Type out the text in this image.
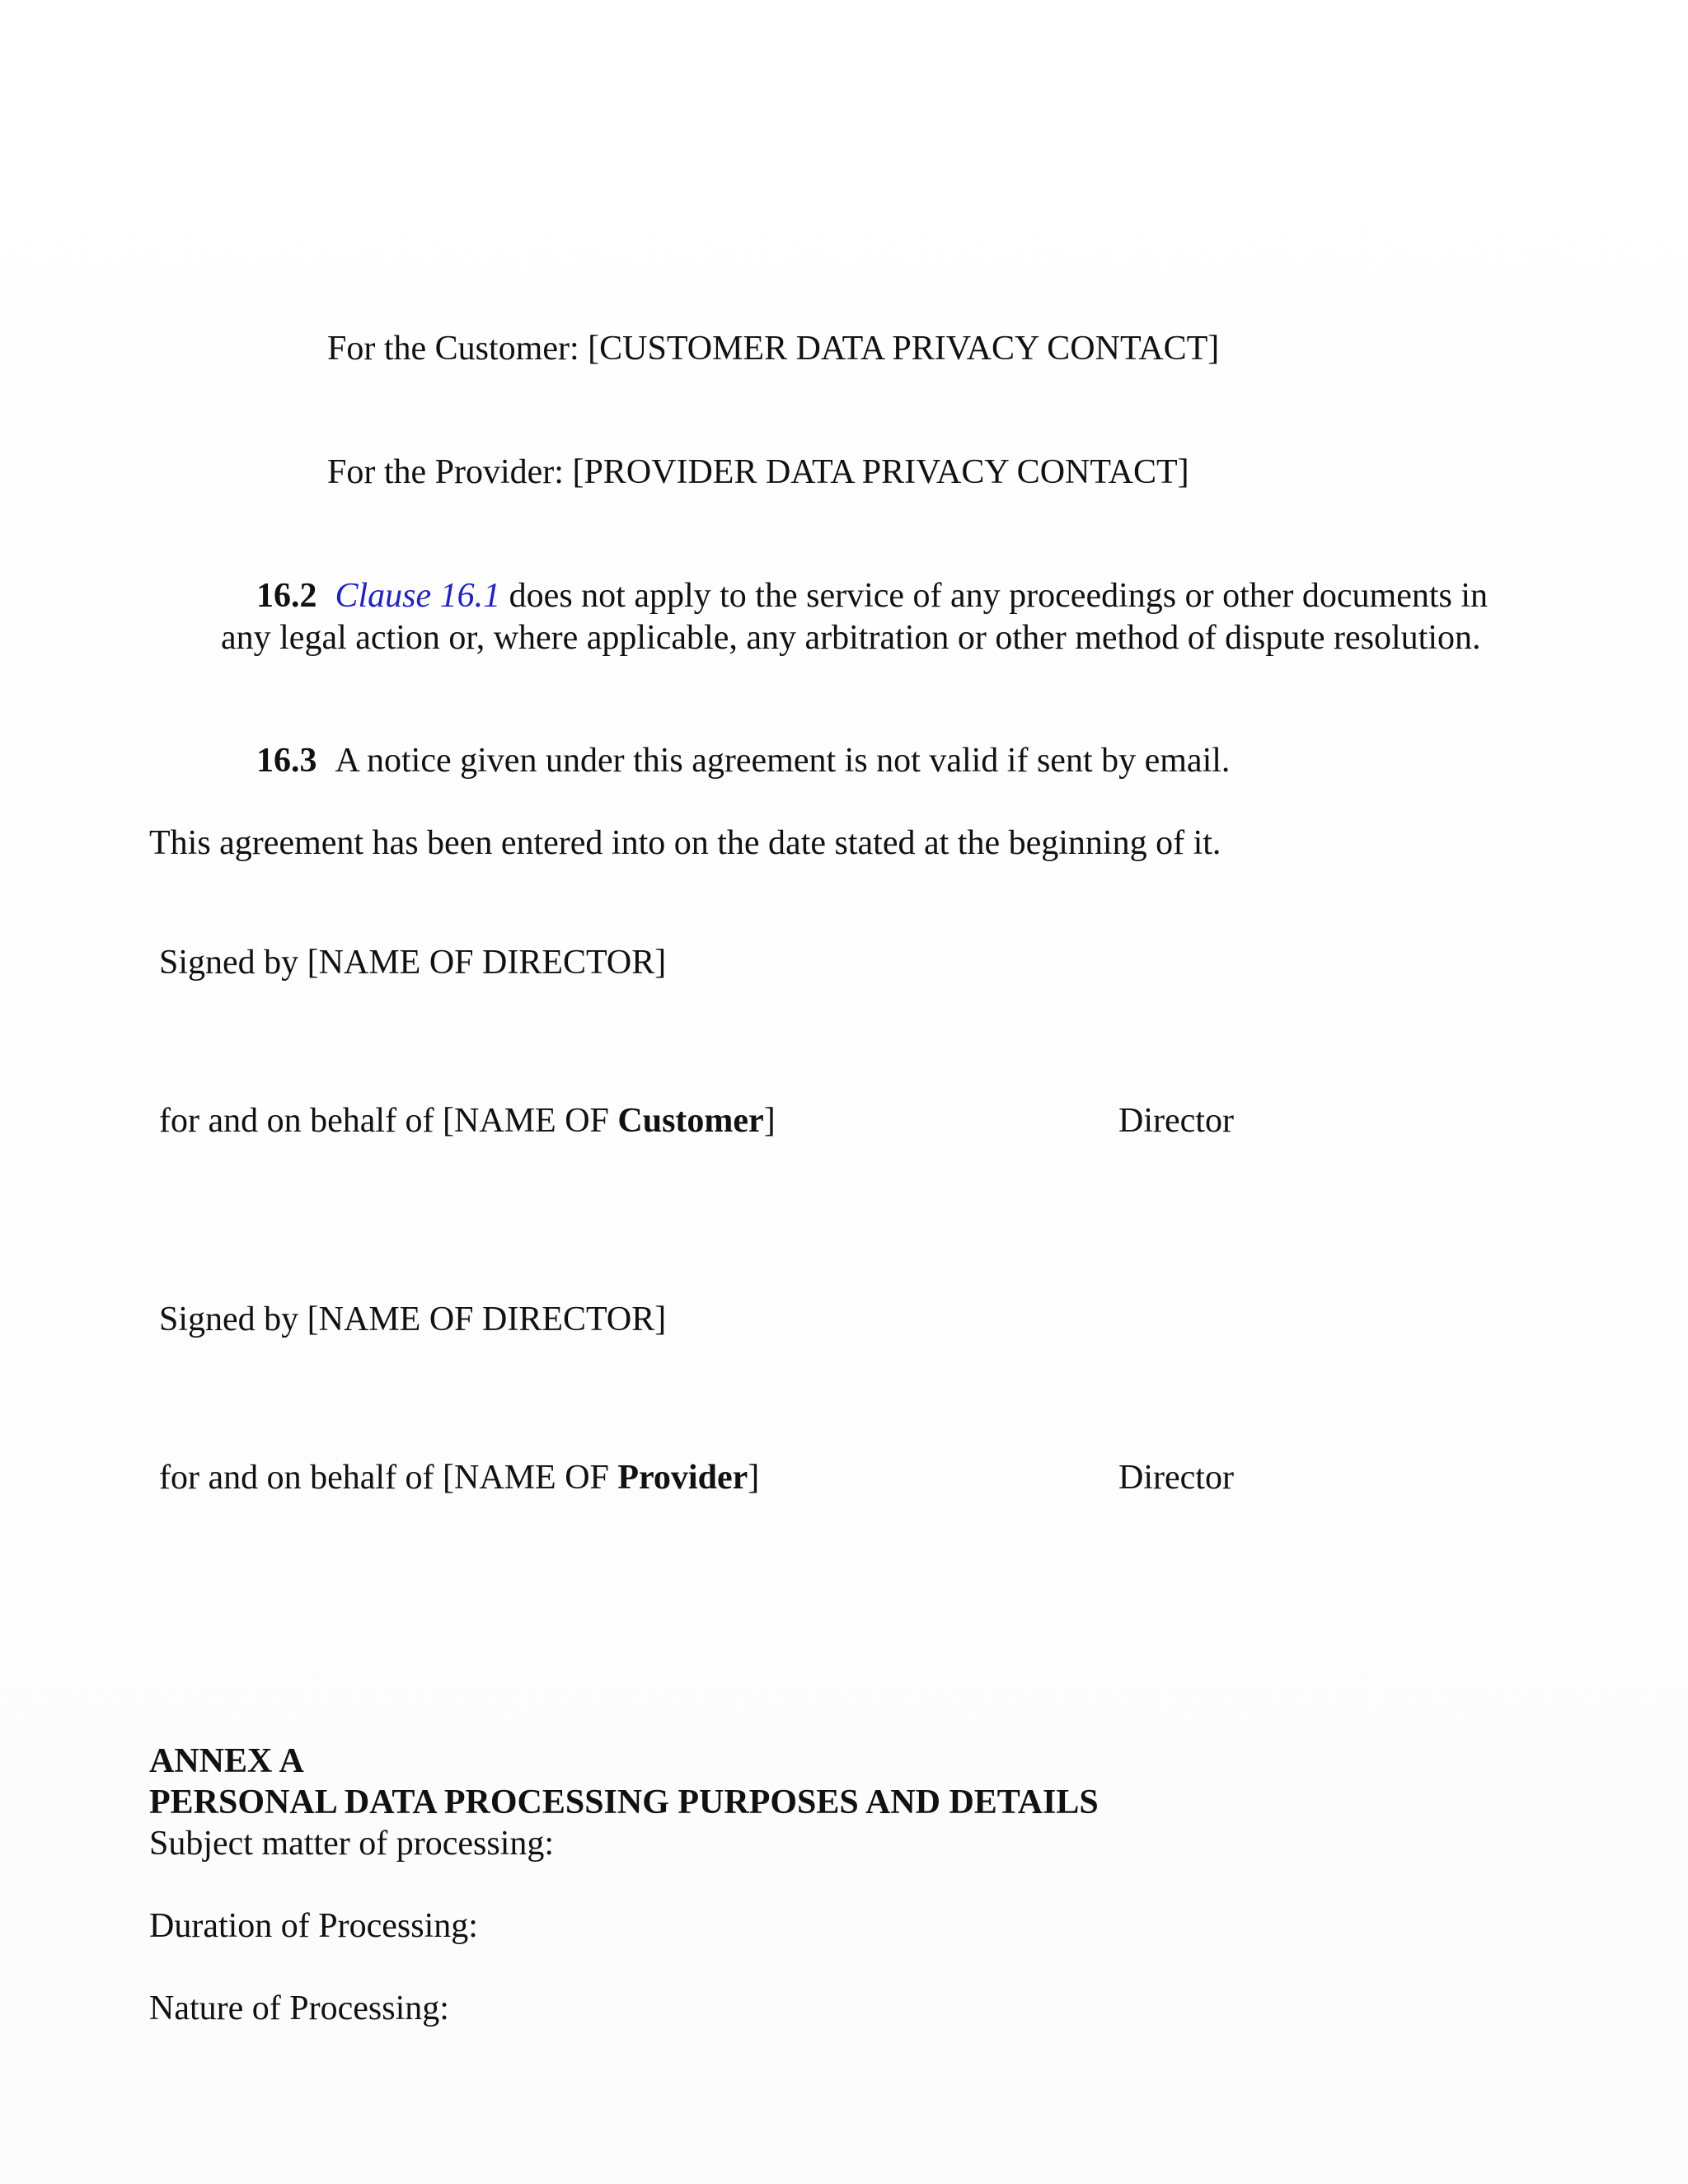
For the Customer: [CUSTOMER DATA PRIVACY CONTACT]
For the Provider: [PROVIDER DATA PRIVACY CONTACT]
16.2 Clause 16.1 does not apply to the service of any proceedings or other documents in
any legal action or, where applicable, any arbitration or other method of dispute resolution.
16.3 A notice given under this agreement is not valid if sent by email.
This agreement has been entered into on the date stated at the beginning of it.
Signed by [NAME OF DIRECTOR]
for and on behalf of [NAME OF Customer]	Director
Signed by [NAME OF DIRECTOR]
for and on behalf of [NAME OF Provider]	Director
ANNEX A
PERSONAL DATA PROCESSING PURPOSES AND DETAILS
Subject matter of processing:
Duration of Processing:
Nature of Processing:
